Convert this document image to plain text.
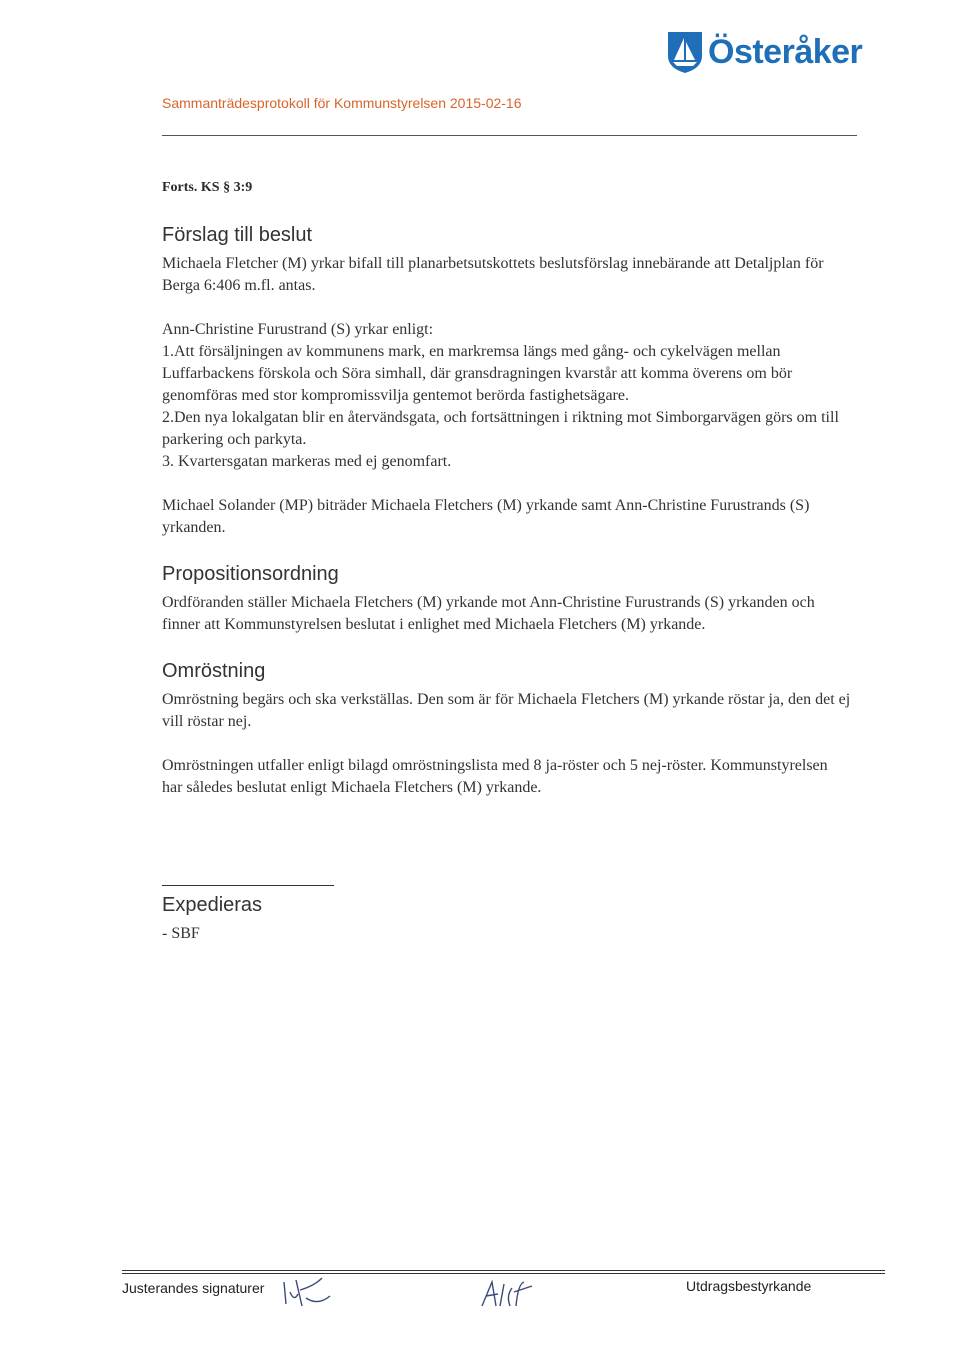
Österåker
Sammanträdesprotokoll för Kommunstyrelsen 2015-02-16
Forts. KS § 3:9
Förslag till beslut

Michaela Fletcher (M) yrkar bifall till planarbetsutskottets beslutsförslag innebärande att Detaljplan för Berga 6:406 m.fl. antas.

Ann-Christine Furustrand (S) yrkar enligt:

1.Att försäljningen av kommunens mark, en markremsa längs med gång- och cykelvägen mellan Luffarbackens förskola och Söra simhall, där gransdragningen kvarstår att komma överens om bör genomföras med stor kompromissvilja gentemot berörda fastighetsägare.

2.Den nya lokalgatan blir en återvändsgata, och fortsättningen i riktning mot Simborgarvägen görs om till parkering och parkyta.

3. Kvartersgatan markeras med ej genomfart.

Michael Solander (MP) biträder Michaela Fletchers (M) yrkande samt Ann-Christine Furustrands (S) yrkanden.

Propositionsordning

Ordföranden ställer Michaela Fletchers (M) yrkande mot Ann-Christine Furustrands (S) yrkanden och finner att Kommunstyrelsen beslutat i enlighet med Michaela Fletchers (M) yrkande.

Omröstning

Omröstning begärs och ska verkställas. Den som är för Michaela Fletchers (M) yrkande röstar ja, den det ej vill röstar nej.

Omröstningen utfaller enligt bilagd omröstningslista med 8 ja-röster och 5 nej-röster. Kommunstyrelsen har således beslutat enligt Michaela Fletchers (M) yrkande.

Expedieras

- SBF

Justerandes signaturer	Utdragsbestyrkande
